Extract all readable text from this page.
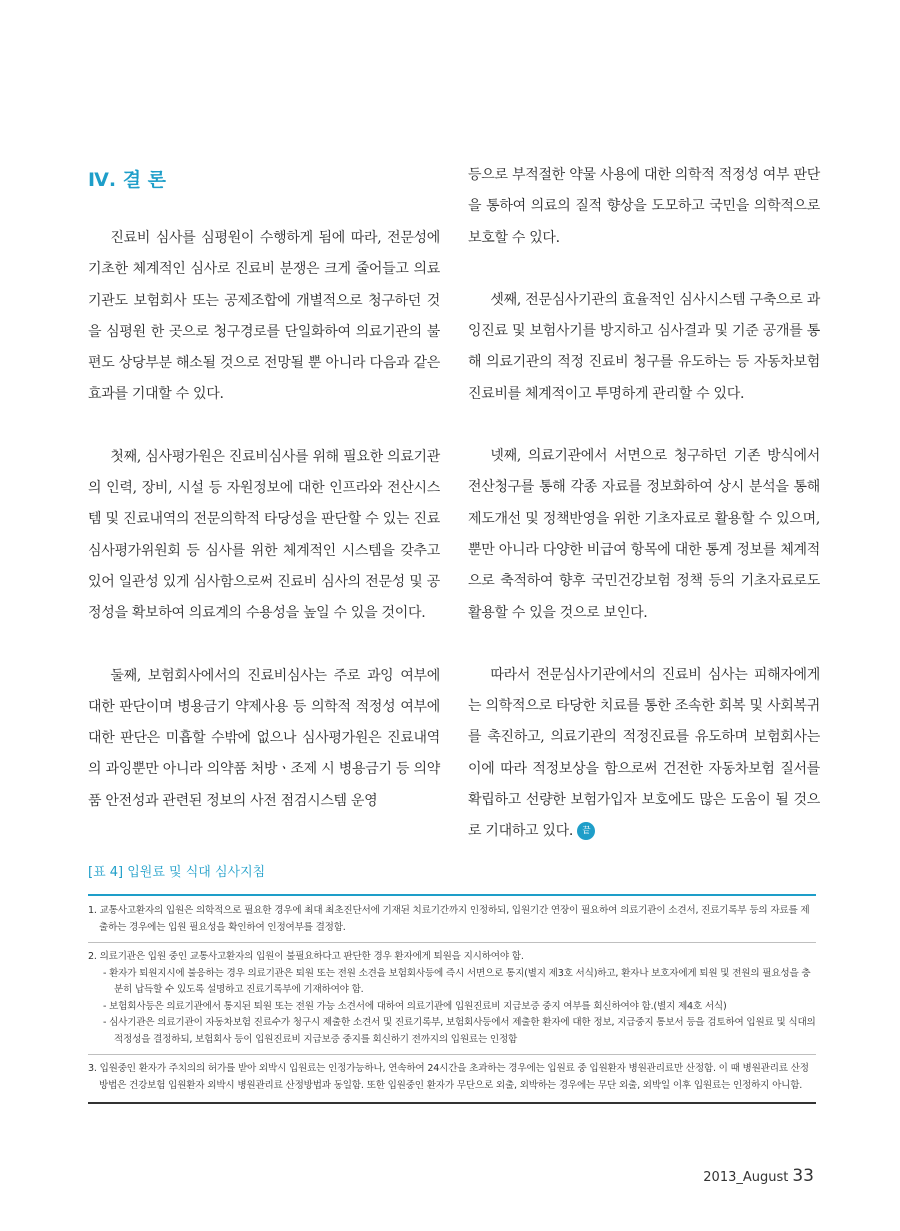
Ⅳ. 결 론

진료비 심사를 심평원이 수행하게 됨에 따라, 전문성에 기초한 체계적인 심사로 진료비 분쟁은 크게 줄어들고 의료기관도 보험회사 또는 공제조합에 개별적으로 청구하던 것을 심평원 한 곳으로 청구경로를 단일화하여 의료기관의 불편도 상당부분 해소될 것으로 전망될 뿐 아니라 다음과 같은 효과를 기대할 수 있다.

첫째, 심사평가원은 진료비심사를 위해 필요한 의료기관의 인력, 장비, 시설 등 자원정보에 대한 인프라와 전산시스템 및 진료내역의 전문의학적 타당성을 판단할 수 있는 진료심사평가위원회 등 심사를 위한 체계적인 시스템을 갖추고 있어 일관성 있게 심사함으로써 진료비 심사의 전문성 및 공정성을 확보하여 의료계의 수용성을 높일 수 있을 것이다.

둘째, 보험회사에서의 진료비심사는 주로 과잉 여부에 대한 판단이며 병용금기 약제사용 등 의학적 적정성 여부에 대한 판단은 미흡할 수밖에 없으나 심사평가원은 진료내역의 과잉뿐만 아니라 의약품 처방ㆍ조제 시 병용금기 등 의약품 안전성과 관련된 정보의 사전 점검시스템 운영

등으로 부적절한 약물 사용에 대한 의학적 적정성 여부 판단을 통하여 의료의 질적 향상을 도모하고 국민을 의학적으로 보호할 수 있다.

셋째, 전문심사기관의 효율적인 심사시스템 구축으로 과잉진료 및 보험사기를 방지하고 심사결과 및 기준 공개를 통해 의료기관의 적정 진료비 청구를 유도하는 등 자동차보험 진료비를 체계적이고 투명하게 관리할 수 있다.

넷째, 의료기관에서 서면으로 청구하던 기존 방식에서 전산청구를 통해 각종 자료를 정보화하여 상시 분석을 통해 제도개선 및 정책반영을 위한 기초자료로 활용할 수 있으며, 뿐만 아니라 다양한 비급여 항목에 대한 통계 정보를 체계적으로 축적하여 향후 국민건강보험 정책 등의 기초자료로도 활용할 수 있을 것으로 보인다.

따라서 전문심사기관에서의 진료비 심사는 피해자에게는 의학적으로 타당한 치료를 통한 조속한 회복 및 사회복귀를 촉진하고, 의료기관의 적정진료를 유도하며 보험회사는 이에 따라 적정보상을 함으로써 건전한 자동차보험 질서를 확립하고 선량한 보험가입자 보호에도 많은 도움이 될 것으로 기대하고 있다. 끝

[표 4] 입원료 및 식대 심사지침

1. 교통사고환자의 입원은 의학적으로 필요한 경우에 최대 최초진단서에 기재된 치료기간까지 인정하되, 입원기간 연장이 필요하여 의료기관이 소견서, 진료기록부 등의 자료를 제출하는 경우에는 입원 필요성을 확인하여 인정여부를 결정함.

2. 의료기관은 입원 중인 교통사고환자의 입원이 불필요하다고 판단한 경우 환자에게 퇴원을 지시하여야 함.

- 환자가 퇴원지시에 불응하는 경우 의료기관은 퇴원 또는 전원 소견을 보험회사등에 즉시 서면으로 통지(별지 제3호 서식)하고, 환자나 보호자에게 퇴원 및 전원의 필요성을 충분히 납득할 수 있도록 설명하고 진료기록부에 기재하여야 함.

- 보험회사등은 의료기관에서 통지된 퇴원 또는 전원 가능 소견서에 대하여 의료기관에 입원진료비 지급보증 중지 여부를 회신하여야 함.(별지 제4호 서식)

- 심사기관은 의료기관이 자동차보험 진료수가 청구시 제출한 소견서 및 진료기록부, 보험회사등에서 제출한 환자에 대한 정보, 지급중지 통보서 등을 검토하여 입원료 및 식대의 적정성을 결정하되, 보험회사 등이 입원진료비 지급보증 중지를 회신하기 전까지의 입원료는 인정함

3. 입원중인 환자가 주치의의 허가를 받아 외박시 입원료는 인정가능하나, 연속하여 24시간을 초과하는 경우에는 입원료 중 입원환자 병원관리료만 산정함. 이 때 병원관리료 산정방법은 건강보험 입원환자 외박시 병원관리료 산정방법과 동일함. 또한 입원중인 환자가 무단으로 외출, 외박하는 경우에는 무단 외출, 외박일 이후 입원료는 인정하지 아니함.

2013_August 33
